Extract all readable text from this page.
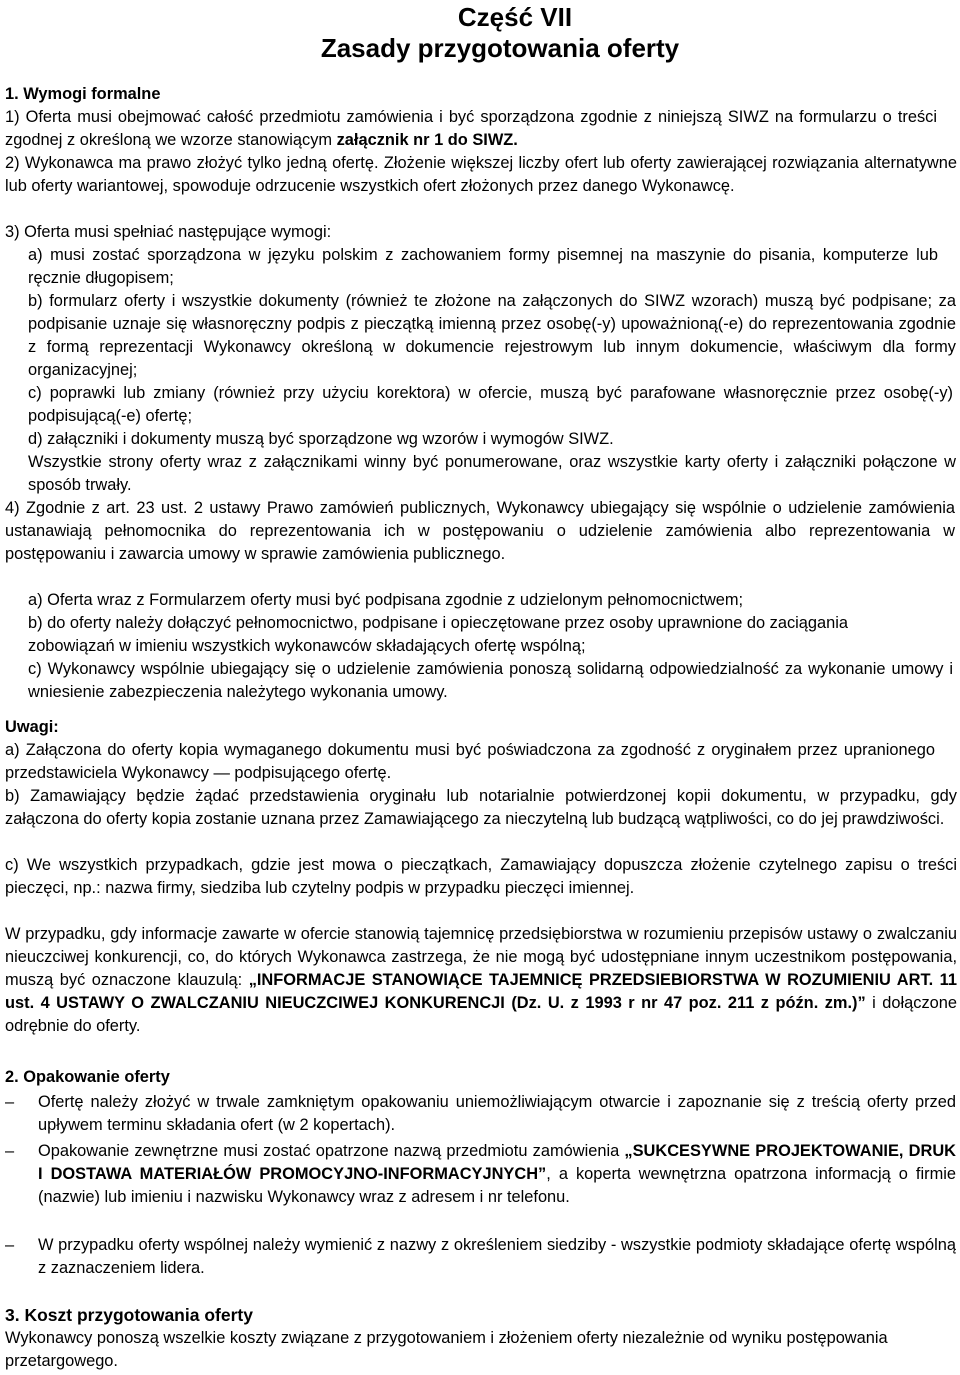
Część VII
Zasady przygotowania oferty

1. Wymogi formalne

1) Oferta musi obejmować całość przedmiotu zamówienia i być sporządzona zgodnie z niniejszą SIWZ na formularzu o treści zgodnej z określoną we wzorze stanowiącym załącznik nr 1 do SIWZ.

2) Wykonawca ma prawo złożyć tylko jedną ofertę. Złożenie większej liczby ofert lub oferty zawierającej rozwiązania alternatywne lub oferty wariantowej, spowoduje odrzucenie wszystkich ofert złożonych przez danego Wykonawcę.

3) Oferta musi spełniać następujące wymogi:

a) musi zostać sporządzona w języku polskim z zachowaniem formy pisemnej na maszynie do pisania, komputerze lub ręcznie długopisem;

b) formularz oferty i wszystkie dokumenty (również te złożone na załączonych do SIWZ wzorach) muszą być podpisane; za podpisanie uznaje się własnoręczny podpis z pieczątką imienną przez osobę(-y) upoważnioną(-e) do reprezentowania zgodnie z formą reprezentacji Wykonawcy określoną w dokumencie rejestrowym lub innym dokumencie, właściwym dla formy organizacyjnej;

c) poprawki lub zmiany (również przy użyciu korektora) w ofercie, muszą być parafowane własnoręcznie przez osobę(-y) podpisującą(-e) ofertę;

d) załączniki i dokumenty muszą być sporządzone wg wzorów i wymogów SIWZ.

Wszystkie strony oferty wraz z załącznikami winny być ponumerowane, oraz wszystkie karty oferty i załączniki połączone w sposób trwały.

4) Zgodnie z art. 23 ust. 2 ustawy Prawo zamówień publicznych, Wykonawcy ubiegający się wspólnie o udzielenie zamówienia ustanawiają pełnomocnika do reprezentowania ich w postępowaniu o udzielenie zamówienia albo reprezentowania w postępowaniu i zawarcia umowy w sprawie zamówienia publicznego.

a) Oferta wraz z Formularzem oferty musi być podpisana zgodnie z udzielonym pełnomocnictwem;

b) do oferty należy dołączyć pełnomocnictwo, podpisane i opieczętowane przez osoby uprawnione do zaciągania zobowiązań w imieniu wszystkich wykonawców składających ofertę wspólną;

c) Wykonawcy wspólnie ubiegający się o udzielenie zamówienia ponoszą solidarną odpowiedzialność za wykonanie umowy i wniesienie zabezpieczenia należytego wykonania umowy.

Uwagi:

a) Załączona do oferty kopia wymaganego dokumentu musi być poświadczona za zgodność z oryginałem przez upranionego przedstawiciela Wykonawcy — podpisującego ofertę.

b) Zamawiający będzie żądać przedstawienia oryginału lub notarialnie potwierdzonej kopii dokumentu, w przypadku, gdy załączona do oferty kopia zostanie uznana przez Zamawiającego za nieczytelną lub budzącą wątpliwości, co do jej prawdziwości.

c) We wszystkich przypadkach, gdzie jest mowa o pieczątkach, Zamawiający dopuszcza złożenie czytelnego zapisu o treści pieczęci, np.: nazwa firmy, siedziba lub czytelny podpis w przypadku pieczęci imiennej.

W przypadku, gdy informacje zawarte w ofercie stanowią tajemnicę przedsiębiorstwa w rozumieniu przepisów ustawy o zwalczaniu nieuczciwej konkurencji, co, do których Wykonawca zastrzega, że nie mogą być udostępniane innym uczestnikom postępowania, muszą być oznaczone klauzulą: „INFORMACJE STANOWIĄCE TAJEMNICĘ PRZEDSIEBIORSTWA W ROZUMIENIU ART. 11 ust. 4 USTAWY O ZWALCZANIU NIEUCZCIWEJ KONKURENCJI (Dz. U. z 1993 r nr 47 poz. 211 z późn. zm.)” i dołączone odrębnie do oferty.

2. Opakowanie oferty

– Ofertę należy złożyć w trwale zamkniętym opakowaniu uniemożliwiającym otwarcie i zapoznanie się z treścią oferty przed upływem terminu składania ofert (w 2 kopertach).

– Opakowanie zewnętrzne musi zostać opatrzone nazwą przedmiotu zamówienia „SUKCESYWNE PROJEKTOWANIE, DRUK I DOSTAWA MATERIAŁÓW PROMOCYJNO-INFORMACYJNYCH”, a koperta wewnętrzna opatrzona informacją o firmie (nazwie) lub imieniu i nazwisku Wykonawcy wraz z adresem i nr telefonu.

– W przypadku oferty wspólnej należy wymienić z nazwy z określeniem siedziby - wszystkie podmioty składające ofertę wspólną z zaznaczeniem lidera.

3. Koszt przygotowania oferty

Wykonawcy ponoszą wszelkie koszty związane z przygotowaniem i złożeniem oferty niezależnie od wyniku postępowania przetargowego.
